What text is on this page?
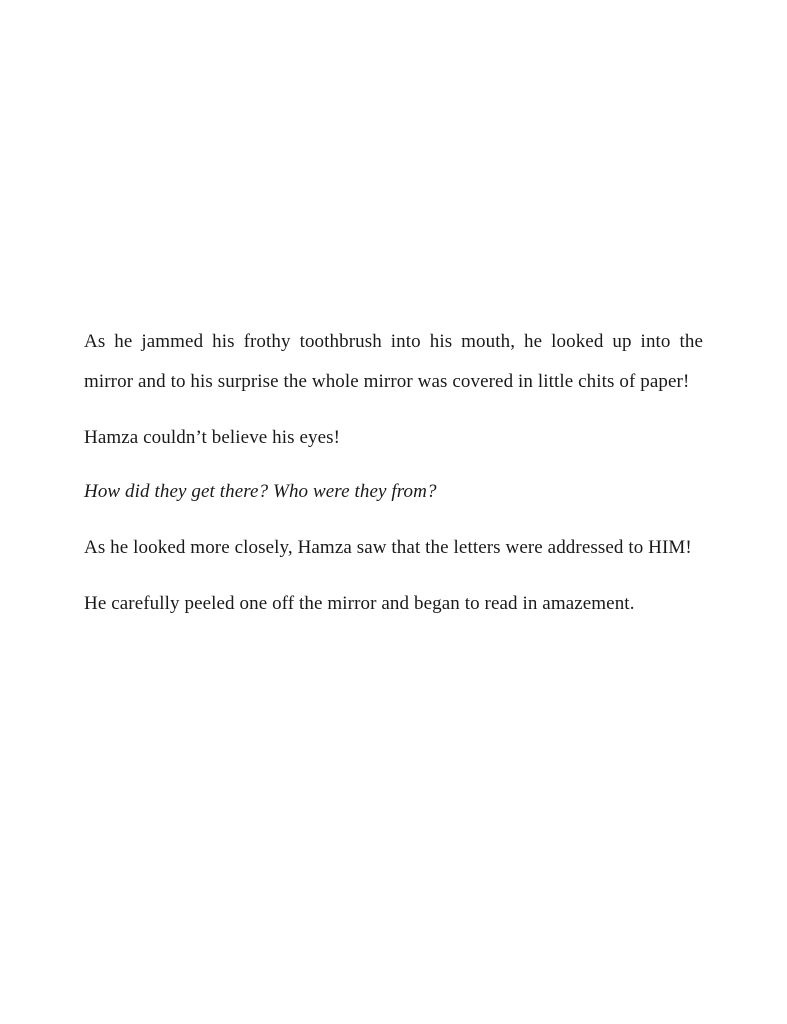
As he jammed his frothy toothbrush into his mouth, he looked up into the mirror and to his surprise the whole mirror was covered in little chits of paper!

Hamza couldn’t believe his eyes!

How did they get there? Who were they from?

As he looked more closely, Hamza saw that the letters were addressed to HIM!

He carefully peeled one off the mirror and began to read in amazement.
